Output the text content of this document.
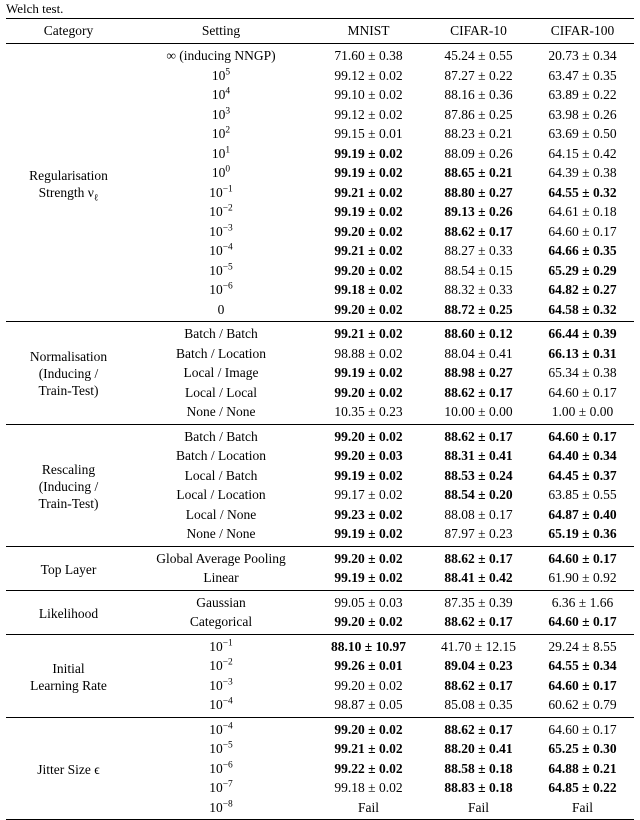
Welch test.
Category	Setting	MNIST	CIFAR-10	CIFAR-100

Regularisation
Strength $\nu_\ell$	∞ (inducing NNGP)	71.60 ± 0.38	45.24 ± 0.55	20.73 ± 0.34
	$10^5$	99.12 ± 0.02	87.27 ± 0.22	63.47 ± 0.35
	$10^4$	99.10 ± 0.02	88.16 ± 0.36	63.89 ± 0.22
	$10^3$	99.12 ± 0.02	87.86 ± 0.25	63.98 ± 0.26
	$10^2$	99.15 ± 0.01	88.23 ± 0.21	63.69 ± 0.50
	$10^1$	99.19 ± 0.02	88.09 ± 0.26	64.15 ± 0.42
	$10^0$	99.19 ± 0.02	88.65 ± 0.21	64.39 ± 0.38
	$10^{-1}$	99.21 ± 0.02	88.80 ± 0.27	64.55 ± 0.32
	$10^{-2}$	99.19 ± 0.02	89.13 ± 0.26	64.61 ± 0.18
	$10^{-3}$	99.20 ± 0.02	88.62 ± 0.17	64.60 ± 0.17
	$10^{-4}$	99.21 ± 0.02	88.27 ± 0.33	64.66 ± 0.35
	$10^{-5}$	99.20 ± 0.02	88.54 ± 0.15	65.29 ± 0.29
	$10^{-6}$	99.18 ± 0.02	88.32 ± 0.33	64.82 ± 0.27
	0	99.20 ± 0.02	88.72 ± 0.25	64.58 ± 0.32

Normalisation
(Inducing /
Train-Test)	Batch / Batch	99.21 ± 0.02	88.60 ± 0.12	66.44 ± 0.39
	Batch / Location	98.88 ± 0.02	88.04 ± 0.41	66.13 ± 0.31
	Local / Image	99.19 ± 0.02	88.98 ± 0.27	65.34 ± 0.38
	Local / Local	99.20 ± 0.02	88.62 ± 0.17	64.60 ± 0.17
	None / None	10.35 ± 0.23	10.00 ± 0.00	1.00 ± 0.00

Rescaling
(Inducing /
Train-Test)	Batch / Batch	99.20 ± 0.02	88.62 ± 0.17	64.60 ± 0.17
	Batch / Location	99.20 ± 0.03	88.31 ± 0.41	64.40 ± 0.34
	Local / Batch	99.19 ± 0.02	88.53 ± 0.24	64.45 ± 0.37
	Local / Location	99.17 ± 0.02	88.54 ± 0.20	63.85 ± 0.55
	Local / None	99.23 ± 0.02	88.08 ± 0.17	64.87 ± 0.40
	None / None	99.19 ± 0.02	87.97 ± 0.23	65.19 ± 0.36

Top Layer	Global Average Pooling	99.20 ± 0.02	88.62 ± 0.17	64.60 ± 0.17
	Linear	99.19 ± 0.02	88.41 ± 0.42	61.90 ± 0.92

Likelihood	Gaussian	99.05 ± 0.03	87.35 ± 0.39	6.36 ± 1.66
	Categorical	99.20 ± 0.02	88.62 ± 0.17	64.60 ± 0.17

Initial
Learning Rate	$10^{-1}$	88.10 ± 10.97	41.70 ± 12.15	29.24 ± 8.55
	$10^{-2}$	99.26 ± 0.01	89.04 ± 0.23	64.55 ± 0.34
	$10^{-3}$	99.20 ± 0.02	88.62 ± 0.17	64.60 ± 0.17
	$10^{-4}$	98.87 ± 0.05	85.08 ± 0.35	60.62 ± 0.79

Jitter Size ϵ	$10^{-4}$	99.20 ± 0.02	88.62 ± 0.17	64.60 ± 0.17
	$10^{-5}$	99.21 ± 0.02	88.20 ± 0.41	65.25 ± 0.30
	$10^{-6}$	99.22 ± 0.02	88.58 ± 0.18	64.88 ± 0.21
	$10^{-7}$	99.18 ± 0.02	88.83 ± 0.18	64.85 ± 0.22
	$10^{-8}$	Fail	Fail	Fail
